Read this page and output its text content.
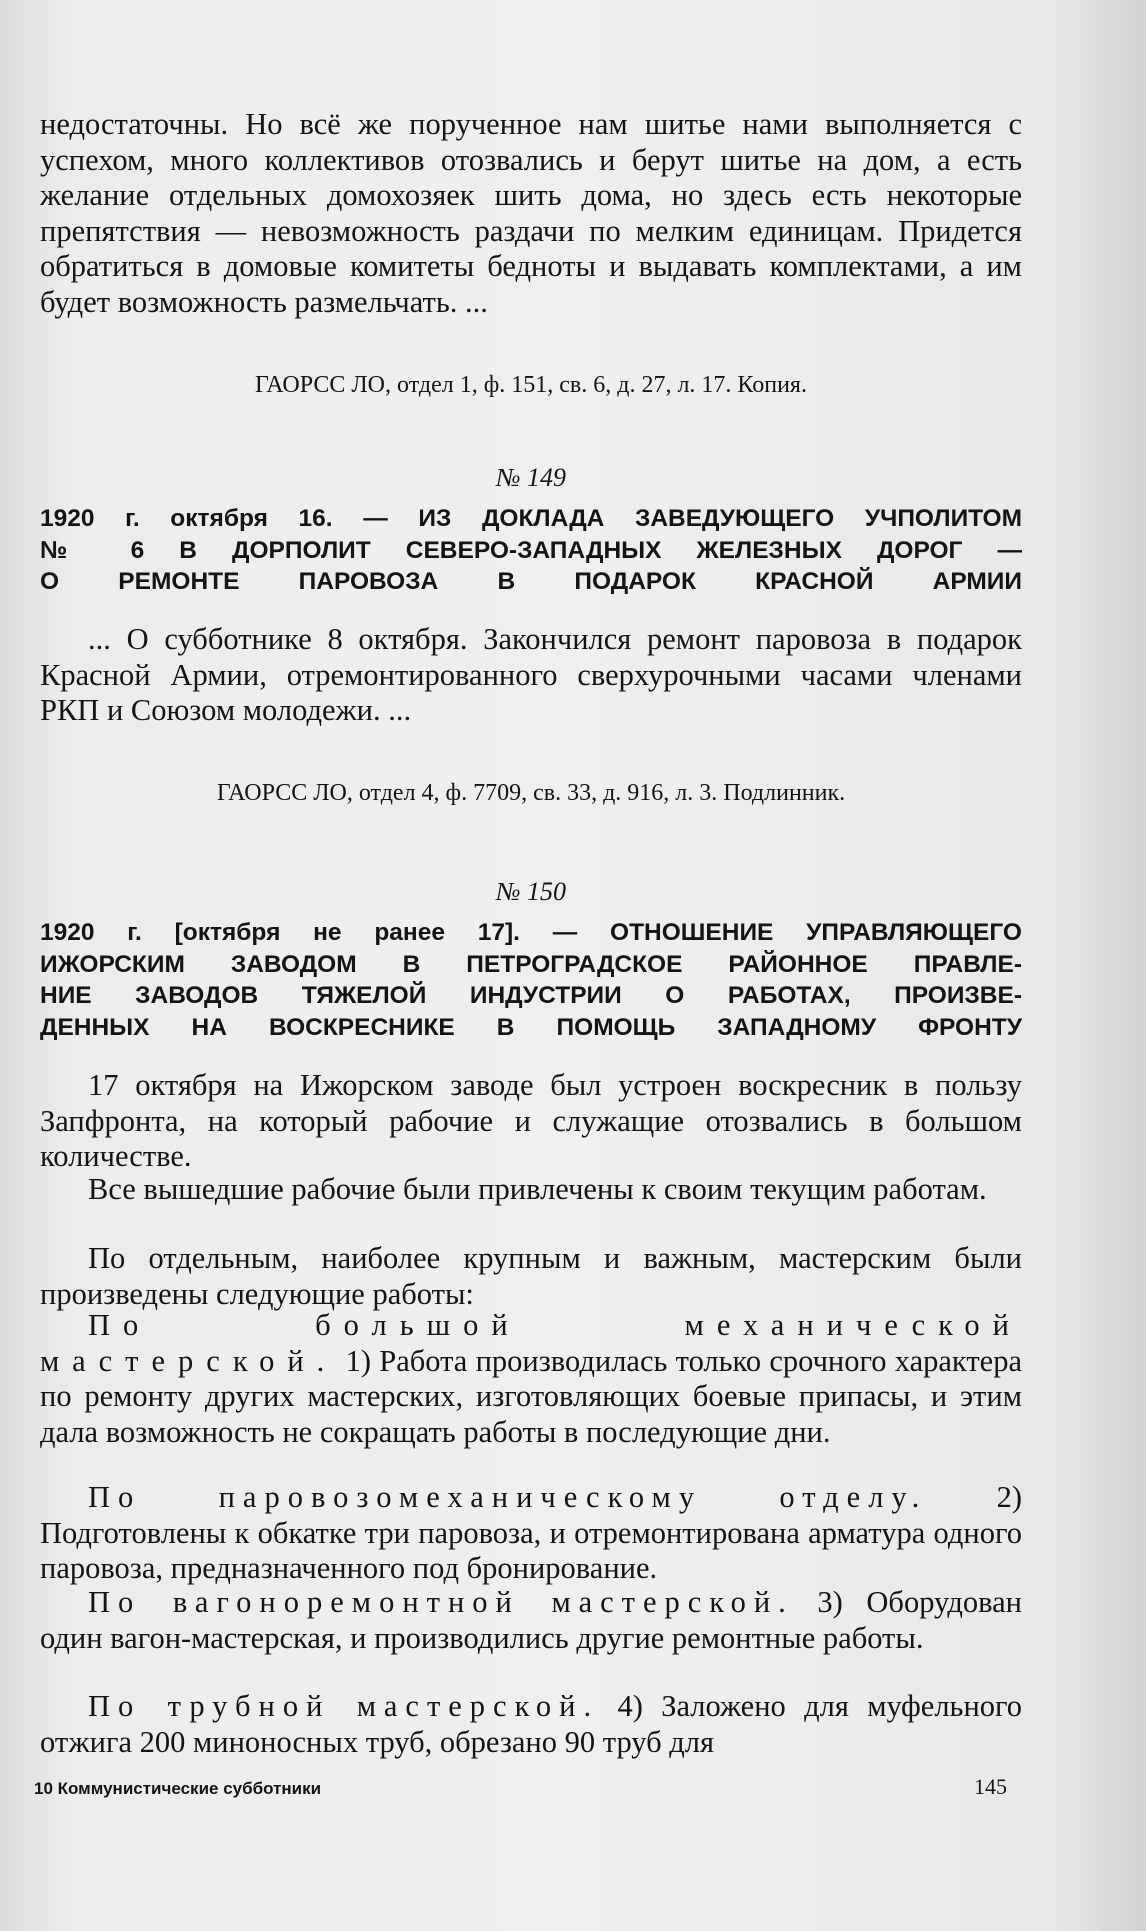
недостаточны. Но всё же порученное нам шитье нами выполняется с успехом, много коллективов отозвались и берут шитье на дом, а есть желание отдельных домохозяек шить дома, но здесь есть некоторые препятствия — невозможность раздачи по мелким единицам. Придется обратиться в домовые комитеты бедноты и выдавать комплектами, а им будет возможность размельчать. ...

ГАОРСС ЛО, отдел 1, ф. 151, св. 6, д. 27, л. 17. Копия.

№ 149

1920 г. октября 16. — ИЗ ДОКЛАДА ЗАВЕДУЮЩЕГО УЧПОЛИТОМ
№ 6 В ДОРПОЛИТ СЕВЕРО-ЗАПАДНЫХ ЖЕЛЕЗНЫХ ДОРОГ —
О РЕМОНТЕ ПАРОВОЗА В ПОДАРОК КРАСНОЙ АРМИИ

... О субботнике 8 октября. Закончился ремонт паровоза в подарок Красной Армии, отремонтированного сверхурочными часами членами РКП и Союзом молодежи. ...

ГАОРСС ЛО, отдел 4, ф. 7709, св. 33, д. 916, л. 3. Подлинник.

№ 150

1920 г. [октября не ранее 17]. — ОТНОШЕНИЕ УПРАВЛЯЮЩЕГО
ИЖОРСКИМ ЗАВОДОМ В ПЕТРОГРАДСКОЕ РАЙОННОЕ ПРАВЛЕ-
НИЕ ЗАВОДОВ ТЯЖЕЛОЙ ИНДУСТРИИ О РАБОТАХ, ПРОИЗВЕ-
ДЕННЫХ НА ВОСКРЕСНИКЕ В ПОМОЩЬ ЗАПАДНОМУ ФРОНТУ

17 октября на Ижорском заводе был устроен воскресник в пользу Запфронта, на который рабочие и служащие отозвались в большом количестве.

Все вышедшие рабочие были привлечены к своим текущим работам.

По отдельным, наиболее крупным и важным, мастерским были произведены следующие работы:

По большой механической мастерской. 1) Работа производилась только срочного характера по ремонту других мастерских, изготовляющих боевые припасы, и этим дала возможность не сокращать работы в последующие дни.

По паровозомеханическому отделу. 2) Подготовлены к обкатке три паровоза, и отремонтирована арматура одного паровоза, предназначенного под бронирование.

По вагоноремонтной мастерской. 3) Оборудован один вагон-мастерская, и производились другие ремонтные работы.

По трубной мастерской. 4) Заложено для муфельного отжига 200 миноносных труб, обрезано 90 труб для

10 Коммунистические субботники	145
